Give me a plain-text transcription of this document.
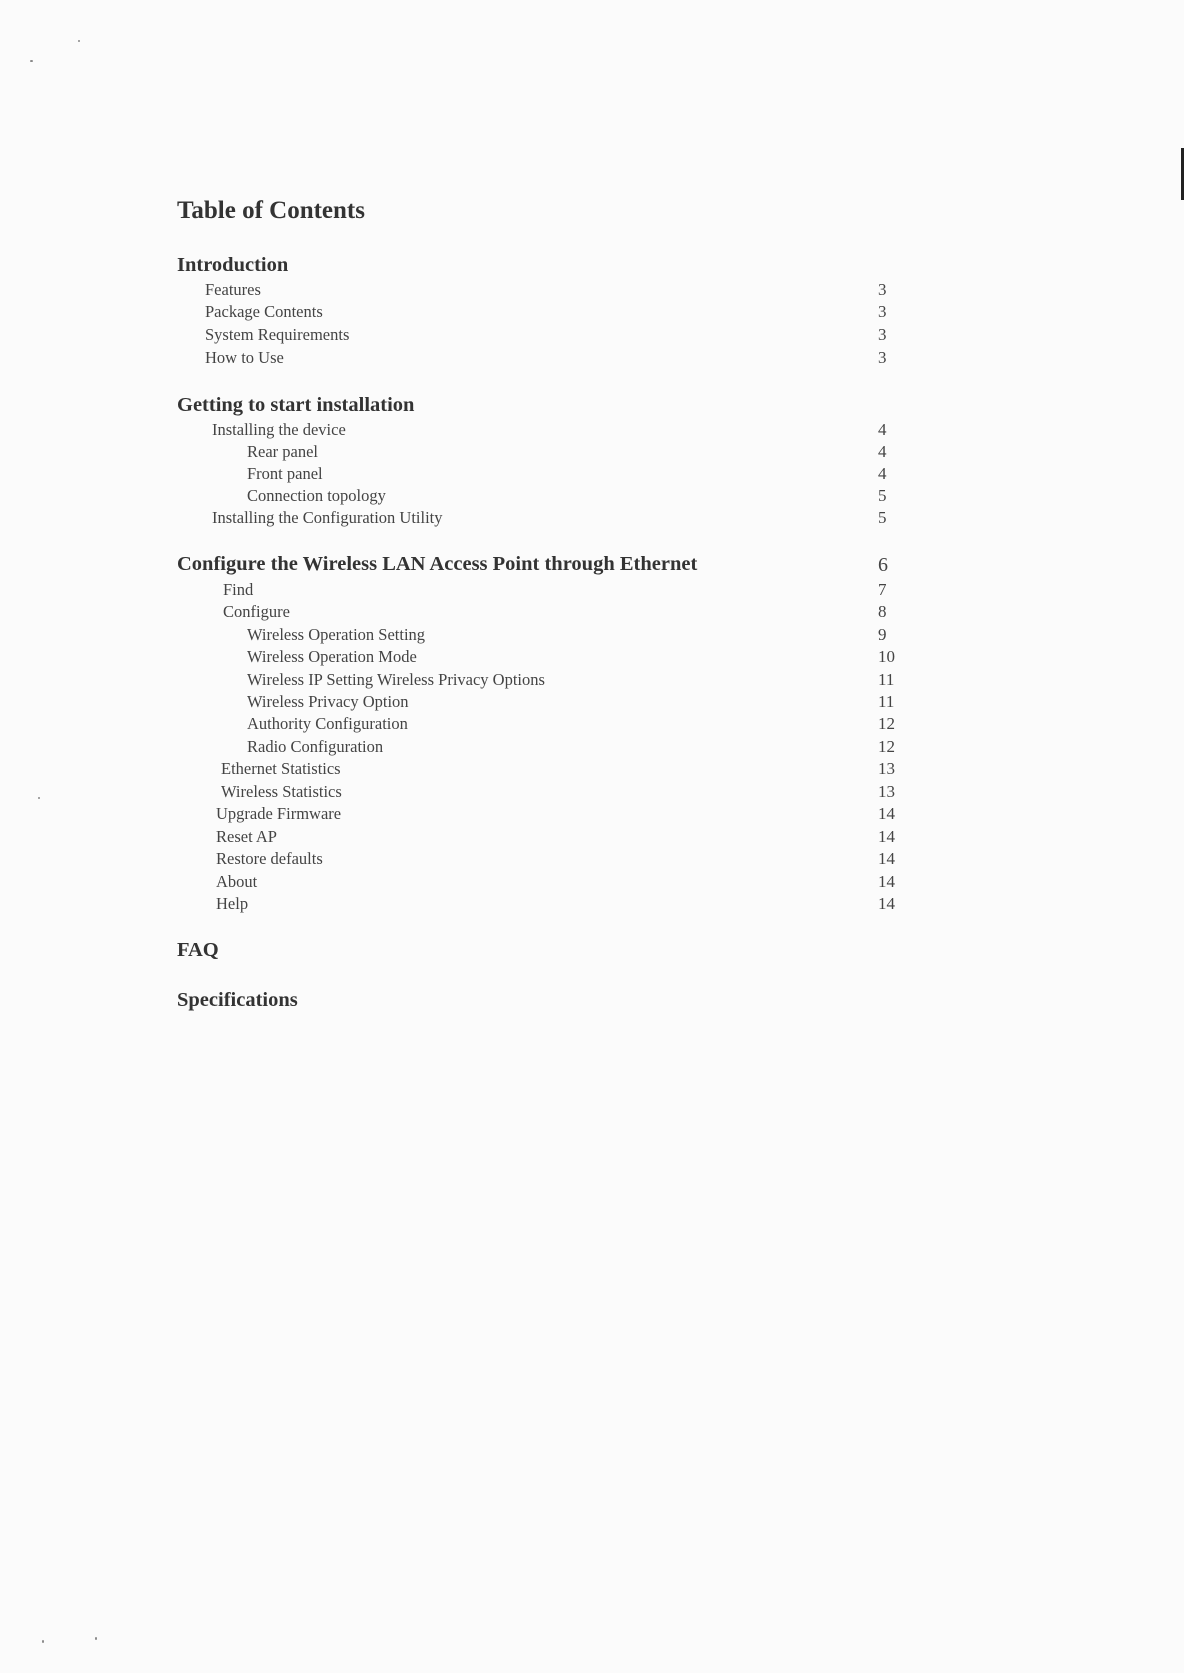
Table of Contents
Introduction
Features	3
Package Contents	3
System Requirements	3
How to Use	3
Getting to start installation
Installing the device	4
Rear panel	4
Front panel	4
Connection topology	5
Installing the Configuration Utility	5
Configure the Wireless LAN Access Point through Ethernet	6
Find	7
Configure	8
Wireless Operation Setting	9
Wireless Operation Mode	10
Wireless IP Setting Wireless Privacy Options	11
Wireless Privacy Option	11
Authority Configuration	12
Radio Configuration	12
Ethernet Statistics	13
Wireless Statistics	13
Upgrade Firmware	14
Reset AP	14
Restore defaults	14
About	14
Help	14
FAQ
Specifications
